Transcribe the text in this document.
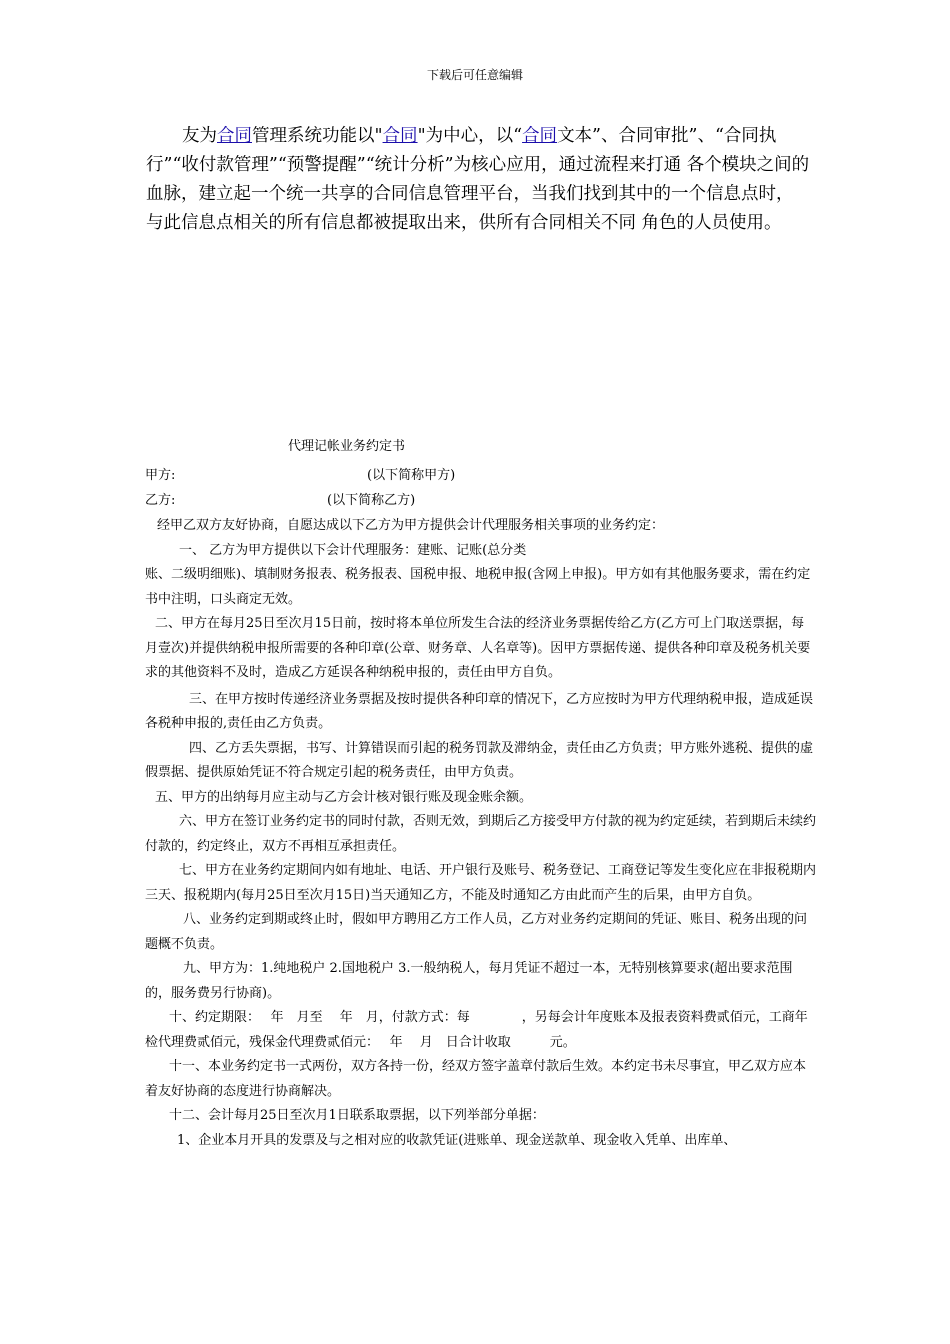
下载后可任意编辑

友为合同管理系统功能以"合同"为中心，以“合同文本”、合同审批”、“合同执行”“收付款管理”“预警提醒”“统计分析”为核心应用，通过流程来打通 各个模块之间的血脉，建立起一个统一共享的合同信息管理平台，当我们找到其中的一个信息点时，与此信息点相关的所有信息都被提取出来，供所有合同相关不同 角色的人员使用。

代理记帐业务约定书
甲方:	(以下简称甲方)
乙方:	(以下简称乙方)

经甲乙双方友好协商，自愿达成以下乙方为甲方提供会计代理服务相关事项的业务约定：

一、 乙方为甲方提供以下会计代理服务：建账、记账(总分类

账、二级明细账)、填制财务报表、税务报表、国税申报、地税申报(含网上申报)。甲方如有其他服务要求，需在约定书中注明，口头商定无效。

二、甲方在每月25日至次月15日前，按时将本单位所发生合法的经济业务票据传给乙方(乙方可上门取送票据，每月壹次)并提供纳税申报所需要的各种印章(公章、财务章、人名章等)。因甲方票据传递、提供各种印章及税务机关要求的其他资料不及时，造成乙方延误各种纳税申报的，责任由甲方自负。

三、在甲方按时传递经济业务票据及按时提供各种印章的情况下，乙方应按时为甲方代理纳税申报，造成延误各税种申报的,责任由乙方负责。

四、乙方丢失票据，书写、计算错误而引起的税务罚款及滞纳金，责任由乙方负责；甲方账外逃税、提供的虚假票据、提供原始凭证不符合规定引起的税务责任，由甲方负责。

五、甲方的出纳每月应主动与乙方会计核对银行账及现金账余额。

六、甲方在签订业务约定书的同时付款，否则无效，到期后乙方接受甲方付款的视为约定延续，若到期后未续约付款的，约定终止，双方不再相互承担责任。

七、甲方在业务约定期间内如有地址、电话、开户银行及账号、税务登记、工商登记等发生变化应在非报税期内三天、报税期内(每月25日至次月15日)当天通知乙方，不能及时通知乙方由此而产生的后果，由甲方自负。

八、业务约定到期或终止时，假如甲方聘用乙方工作人员，乙方对业务约定期间的凭证、账目、税务出现的问题概不负责。

九、甲方为：1.纯地税户 2.国地税户 3.一般纳税人，每月凭证不超过一本，无特别核算要求(超出要求范围的，服务费另行协商)。

十、约定期限：　 年　月至　 年　月，付款方式：每　　　　，另每会计年度账本及报表资料费贰佰元，工商年检代理费贰佰元，残保金代理费贰佰元：　 年　 月　日合计收取　　　元。

十一、本业务约定书一式两份，双方各持一份，经双方签字盖章付款后生效。本约定书未尽事宜，甲乙双方应本着友好协商的态度进行协商解决。

十二、会计每月25日至次月1日联系取票据，以下列举部分单据：

1、企业本月开具的发票及与之相对应的收款凭证(进账单、现金送款单、现金收入凭单、出库单、
